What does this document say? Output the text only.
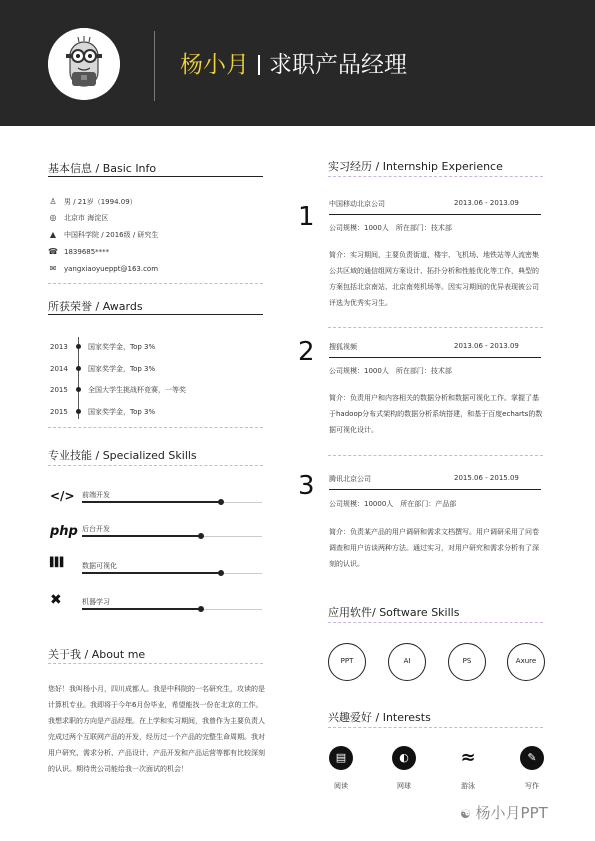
杨小月 求职产品经理
基本信息 / Basic Info
♙ 男 / 21岁（1994.09）
◎ 北京市 海淀区
▲ 中国科学院 / 2016级 / 研究生
☎ 1839685****
✉ yangxiaoyueppt@163.com
所获荣誉 / Awards
2013	国家奖学金，Top 3%
2014	国家奖学金，Top 3%
2015	全国大学生挑战杯竞赛，一等奖
2015	国家奖学金，Top 3%
专业技能 / Specialized Skills
</> 前端开发
php 后台开发
▌▌▌ 数据可视化
✖	机器学习
关于我 / About me
您好！我叫杨小月，四川成都人。我是中科院的一名研究生，攻读的是计算机专业。我即将于今年6月份毕业，希望能找一份在北京的工作。我想求职的方向是产品经理。在上学和实习期间，我曾作为主要负责人完成过两个互联网产品的开发，经历过一个产品的完整生命周期。我对用户研究、需求分析、产品设计、产品开发和产品运营等都有比较深刻的认识。期待贵公司能给我一次面试的机会！
实习经历 / Internship Experience
1 中国移动北京公司	2013.06 - 2013.09
公司规模：1000人　所在部门：技术部
简介：实习期间，主要负责街道、楼宇、飞机场、地铁站等人流密集公共区域的通信组网方案设计、拓扑分析和性能优化等工作，典型的方案包括北京南站、北京南苑机场等。因实习期间的优异表现被公司评选为优秀实习生。
2 搜狐视频	2013.06 - 2013.09
公司规模：1000人　所在部门：技术部
简介：负责用户和内容相关的数据分析和数据可视化工作。掌握了基于hadoop分布式架构的数据分析系统搭建，和基于百度echarts的数据可视化设计。
3 腾讯北京公司	2015.06 - 2015.09
公司规模：10000人　所在部门：产品部
简介：负责某产品的用户调研和需求文档撰写。用户调研采用了问卷调查和用户访谈两种方法。通过实习，对用户研究和需求分析有了深刻的认识。
应用软件/ Software Skills
PPT	AI	PS	Axure
兴趣爱好 / Interests
▤
阅读
◐
网球
≈
游泳
✎
写作
☯ 杨小月PPT
